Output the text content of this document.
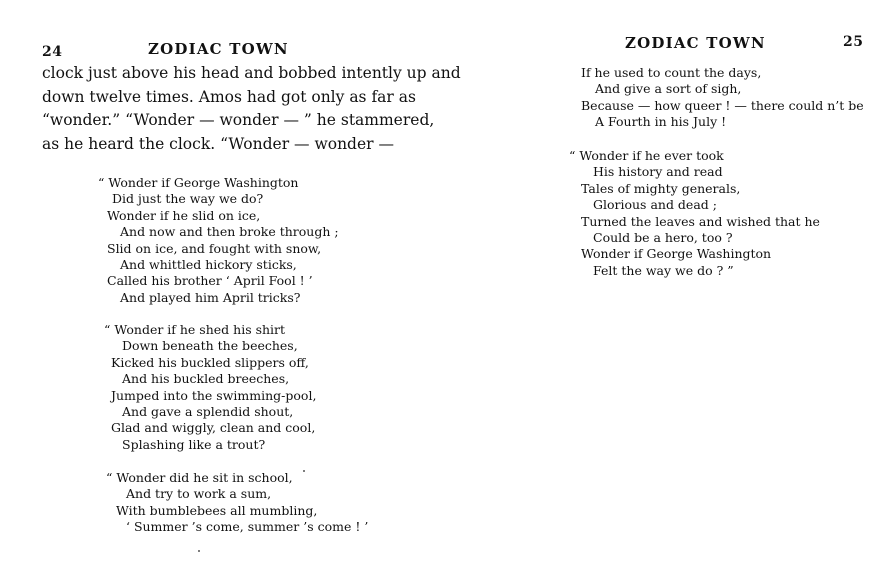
24	ZODIAC TOWN
clock just above his head and bobbed intently up and
down twelve times. Amos had got only as far as
“wonder.” “Wonder — wonder — ” he stammered,
as he heard the clock. “Wonder — wonder —
“ Wonder if George Washington
Did just the way we do?
Wonder if he slid on ice,
And now and then broke through ;
Slid on ice, and fought with snow,
And whittled hickory sticks,
Called his brother ‘ April Fool ! ’
And played him April tricks?
“ Wonder if he shed his shirt
Down beneath the beeches,
Kicked his buckled slippers off,
And his buckled breeches,
Jumped into the swimming-pool,
And gave a splendid shout,
Glad and wiggly, clean and cool,
Splashing like a trout?
“ Wonder did he sit in school,
And try to work a sum,
With bumblebees all mumbling,
‘ Summer ’s come, summer ’s come ! ’
ZODIAC TOWN	25
If he used to count the days,
And give a sort of sigh,
Because — how queer ! — there could n’t be
A Fourth in his July !
“ Wonder if he ever took
His history and read
Tales of mighty generals,
Glorious and dead ;
Turned the leaves and wished that he
Could be a hero, too ?
Wonder if George Washington
Felt the way we do ? ”
